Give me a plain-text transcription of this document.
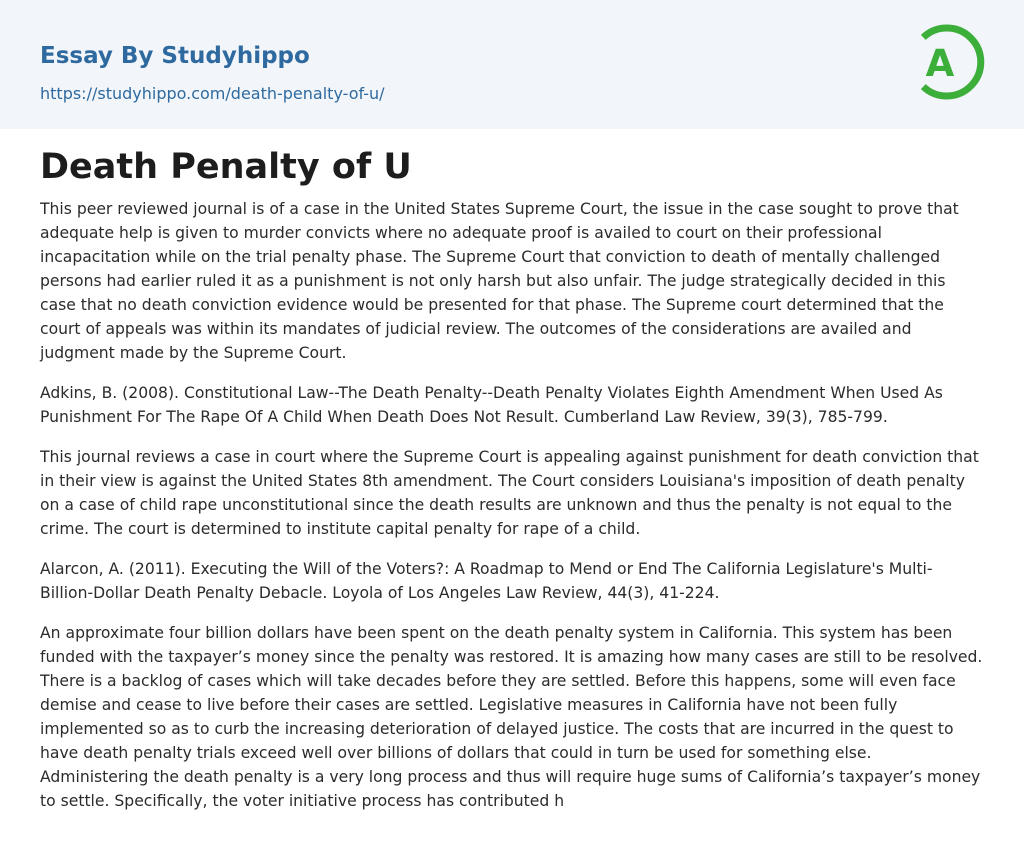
Essay By Studyhippo
https://studyhippo.com/death-penalty-of-u/
A
Death Penalty of U

This peer reviewed journal is of a case in the United States Supreme Court, the issue in the case sought to prove that adequate help is given to murder convicts where no adequate proof is availed to court on their professional incapacitation while on the trial penalty phase. The Supreme Court that conviction to death of mentally challenged persons had earlier ruled it as a punishment is not only harsh but also unfair. The judge strategically decided in this case that no death conviction evidence would be presented for that phase. The Supreme court determined that the court of appeals was within its mandates of judicial review. The outcomes of the considerations are availed and judgment made by the Supreme Court.

Adkins, B. (2008). Constitutional Law--The Death Penalty--Death Penalty Violates Eighth Amendment When Used As Punishment For The Rape Of A Child When Death Does Not Result. Cumberland Law Review, 39(3), 785-799.

This journal reviews a case in court where the Supreme Court is appealing against punishment for death conviction that in their view is against the United States 8th amendment. The Court considers Louisiana's imposition of death penalty on a case of child rape unconstitutional since the death results are unknown and thus the penalty is not equal to the crime. The court is determined to institute capital penalty for rape of a child.

Alarcon, A. (2011). Executing the Will of the Voters?: A Roadmap to Mend or End The California Legislature's Multi-Billion-Dollar Death Penalty Debacle. Loyola of Los Angeles Law Review, 44(3), 41-224.

An approximate four billion dollars have been spent on the death penalty system in California. This system has been funded with the taxpayer’s money since the penalty was restored. It is amazing how many cases are still to be resolved. There is a backlog of cases which will take decades before they are settled. Before this happens, some will even face demise and cease to live before their cases are settled. Legislative measures in California have not been fully implemented so as to curb the increasing deterioration of delayed justice. The costs that are incurred in the quest to have death penalty trials exceed well over billions of dollars that could in turn be used for something else. Administering the death penalty is a very long process and thus will require huge sums of California’s taxpayer’s money to settle. Specifically, the voter initiative process has contributed h
